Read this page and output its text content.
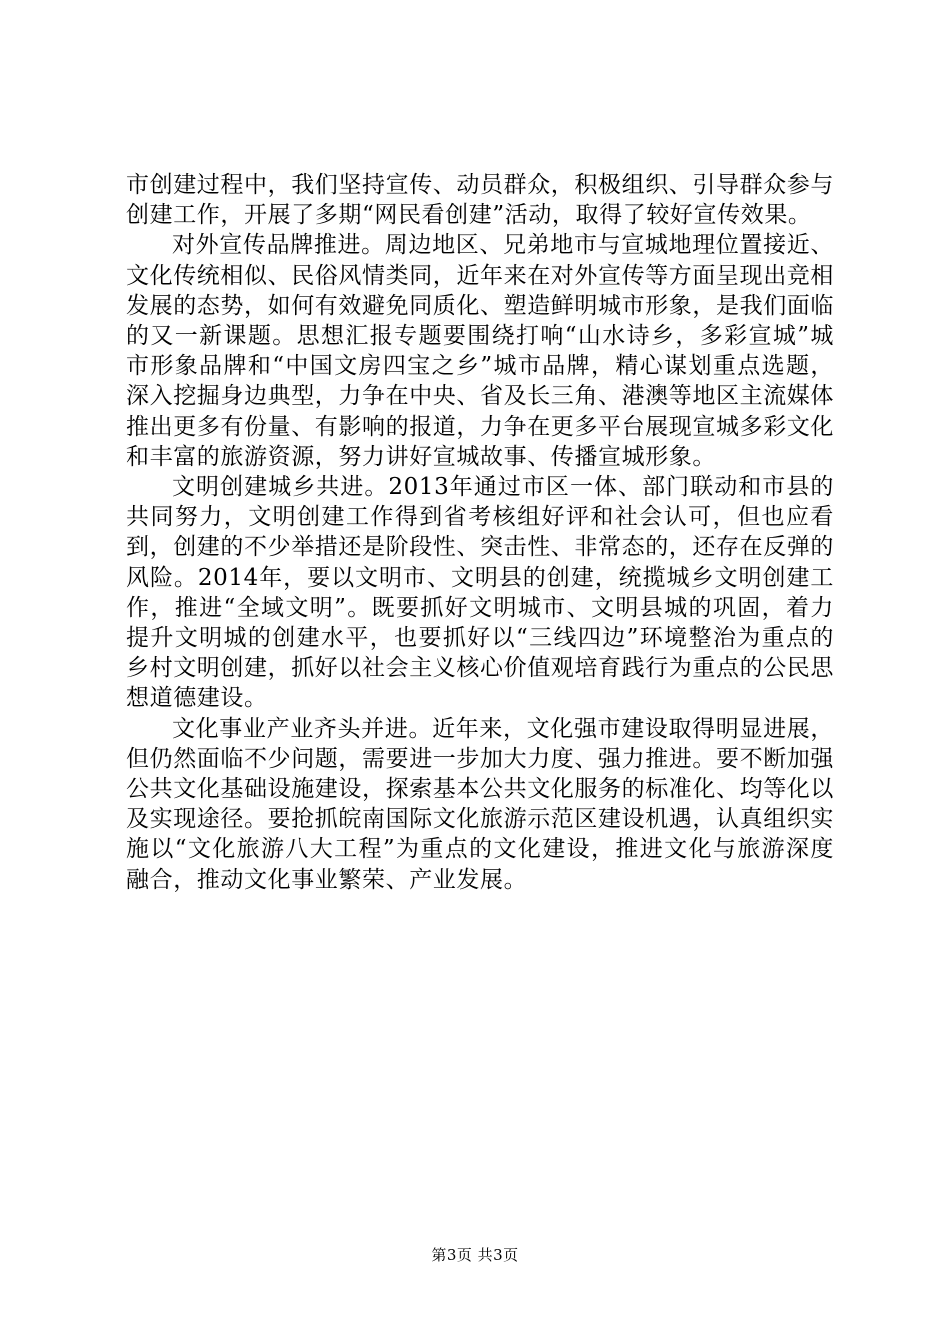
市创建过程中，我们坚持宣传、动员群众，积极组织、引导群众参与创建工作，开展了多期“网民看创建”活动，取得了较好宣传效果。

对外宣传品牌推进。周边地区、兄弟地市与宣城地理位置接近、文化传统相似、民俗风情类同，近年来在对外宣传等方面呈现出竞相发展的态势，如何有效避免同质化、塑造鲜明城市形象，是我们面临的又一新课题。思想汇报专题要围绕打响“山水诗乡，多彩宣城”城市形象品牌和“中国文房四宝之乡”城市品牌，精心谋划重点选题，深入挖掘身边典型，力争在中央、省及长三角、港澳等地区主流媒体推出更多有份量、有影响的报道，力争在更多平台展现宣城多彩文化和丰富的旅游资源，努力讲好宣城故事、传播宣城形象。

文明创建城乡共进。2013年通过市区一体、部门联动和市县的共同努力，文明创建工作得到省考核组好评和社会认可，但也应看到，创建的不少举措还是阶段性、突击性、非常态的，还存在反弹的风险。2014年，要以文明市、文明县的创建，统揽城乡文明创建工作，推进“全域文明”。既要抓好文明城市、文明县城的巩固，着力提升文明城的创建水平，也要抓好以“三线四边”环境整治为重点的乡村文明创建，抓好以社会主义核心价值观培育践行为重点的公民思想道德建设。

文化事业产业齐头并进。近年来，文化强市建设取得明显进展，但仍然面临不少问题，需要进一步加大力度、强力推进。要不断加强公共文化基础设施建设，探索基本公共文化服务的标准化、均等化以及实现途径。要抢抓皖南国际文化旅游示范区建设机遇，认真组织实施以“文化旅游八大工程”为重点的文化建设，推进文化与旅游深度融合，推动文化事业繁荣、产业发展。

第3页 共3页
